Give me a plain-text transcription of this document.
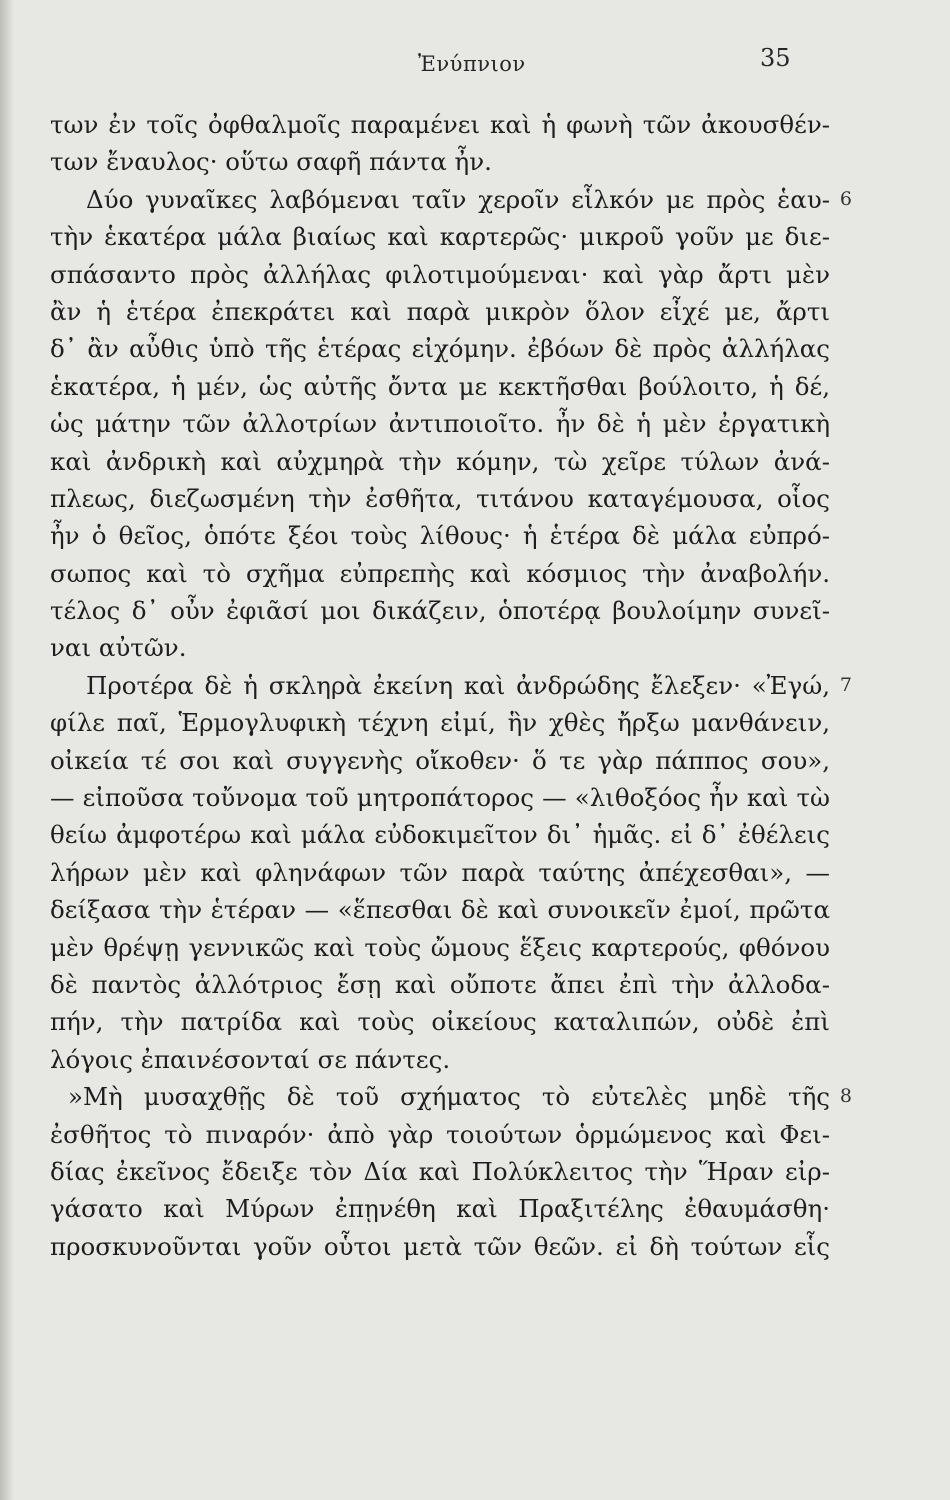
Ἐνύπνιον	35
των ἐν τοῖς ὀφθαλμοῖς παραμένει καὶ ἡ φωνὴ τῶν ἀκουσθέν-
των ἔναυλος· οὕτω σαφῆ πάντα ἦν.
Δύο γυναῖκες λαβόμεναι ταῖν χεροῖν εἷλκόν με πρὸς ἑαυ- 6
τὴν ἑκατέρα μάλα βιαίως καὶ καρτερῶς· μικροῦ γοῦν με διε-
σπάσαντο πρὸς ἀλλήλας φιλοτιμούμεναι· καὶ γὰρ ἄρτι μὲν
ἂν ἡ ἑτέρα ἐπεκράτει καὶ παρὰ μικρὸν ὅλον εἶχέ με, ἄρτι
δ᾽ ἂν αὖθις ὑπὸ τῆς ἑτέρας εἰχόμην. ἐβόων δὲ πρὸς ἀλλήλας
ἑκατέρα, ἡ μέν, ὡς αὐτῆς ὄντα με κεκτῆσθαι βούλοιτο, ἡ δέ,
ὡς μάτην τῶν ἀλλοτρίων ἀντιποιοῖτο. ἦν δὲ ἡ μὲν ἐργατικὴ
καὶ ἀνδρικὴ καὶ αὐχμηρὰ τὴν κόμην, τὼ χεῖρε τύλων ἀνά-
πλεως, διεζωσμένη τὴν ἐσθῆτα, τιτάνου καταγέμουσα, οἷος
ἦν ὁ θεῖος, ὁπότε ξέοι τοὺς λίθους· ἡ ἑτέρα δὲ μάλα εὐπρό-
σωπος καὶ τὸ σχῆμα εὐπρεπὴς καὶ κόσμιος τὴν ἀναβολήν.
τέλος δ᾽ οὖν ἐφιᾶσί μοι δικάζειν, ὁποτέρᾳ βουλοίμην συνεῖ-
ναι αὐτῶν.
Προτέρα δὲ ἡ σκληρὰ ἐκείνη καὶ ἀνδρώδης ἔλεξεν· «Ἐγώ, 7
φίλε παῖ, Ἑρμογλυφικὴ τέχνη εἰμί, ἣν χθὲς ἤρξω μανθάνειν,
οἰκεία τέ σοι καὶ συγγενὴς οἴκοθεν· ὅ τε γὰρ πάππος σου»,
— εἰποῦσα τοὔνομα τοῦ μητροπάτορος — «λιθοξόος ἦν καὶ τὼ
θείω ἀμφοτέρω καὶ μάλα εὐδοκιμεῖτον δι᾽ ἡμᾶς. εἰ δ᾽ ἐθέλεις
λήρων μὲν καὶ φληνάφων τῶν παρὰ ταύτης ἀπέχεσθαι», —
δείξασα τὴν ἑτέραν — «ἕπεσθαι δὲ καὶ συνοικεῖν ἐμοί, πρῶτα
μὲν θρέψῃ γεννικῶς καὶ τοὺς ὤμους ἕξεις καρτερούς, φθόνου
δὲ παντὸς ἀλλότριος ἔσῃ καὶ οὔποτε ἄπει ἐπὶ τὴν ἀλλοδα-
πήν, τὴν πατρίδα καὶ τοὺς οἰκείους καταλιπών, οὐδὲ ἐπὶ
λόγοις ἐπαινέσονταί σε πάντες.
»Μὴ μυσαχθῇς δὲ τοῦ σχήματος τὸ εὐτελὲς μηδὲ τῆς 8
ἐσθῆτος τὸ πιναρόν· ἀπὸ γὰρ τοιούτων ὁρμώμενος καὶ Φει-
δίας ἐκεῖνος ἔδειξε τὸν Δία καὶ Πολύκλειτος τὴν Ἥραν εἰρ-
γάσατο καὶ Μύρων ἐπῃνέθη καὶ Πραξιτέλης ἐθαυμάσθη·
προσκυνοῦνται γοῦν οὗτοι μετὰ τῶν θεῶν. εἰ δὴ τούτων εἷς
